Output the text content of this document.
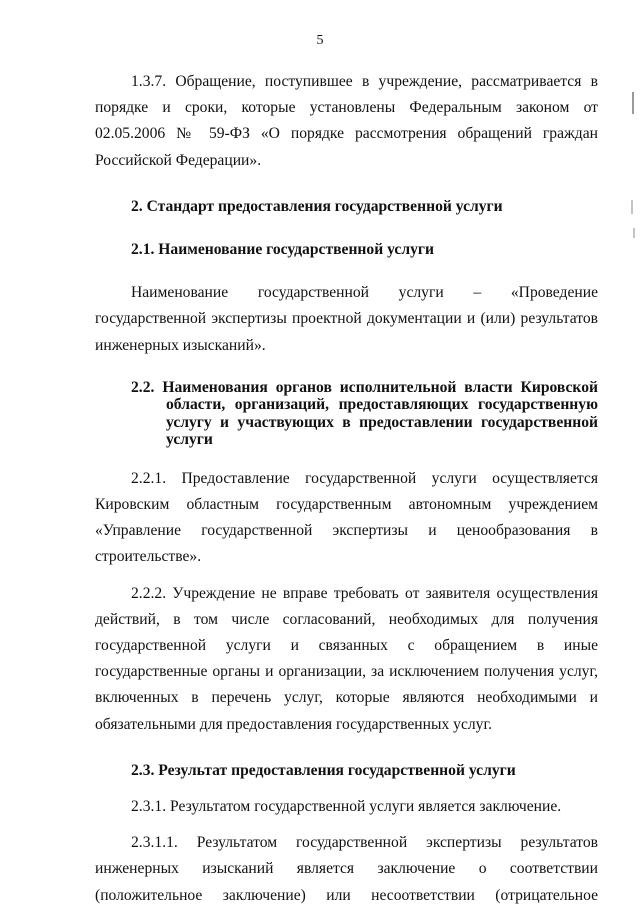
5

1.3.7. Обращение, поступившее в учреждение, рассматривается в порядке и сроки, которые установлены Федеральным законом от 02.05.2006 № 59-ФЗ «О порядке рассмотрения обращений граждан Российской Федерации».

2. Стандарт предоставления государственной услуги

2.1. Наименование государственной услуги

Наименование государственной услуги – «Проведение государственной экспертизы проектной документации и (или) результатов инженерных изысканий».

2.2. Наименования органов исполнительной власти Кировской области, организаций, предоставляющих государственную услугу и участвующих в предоставлении государственной услуги

2.2.1. Предоставление государственной услуги осуществляется Кировским областным государственным автономным учреждением «Управление государственной экспертизы и ценообразования в строительстве».

2.2.2. Учреждение не вправе требовать от заявителя осуществления действий, в том числе согласований, необходимых для получения государственной услуги и связанных с обращением в иные государственные органы и организации, за исключением получения услуг, включенных в перечень услуг, которые являются необходимыми и обязательными для предоставления государственных услуг.

2.3. Результат предоставления государственной услуги

2.3.1. Результатом государственной услуги является заключение.

2.3.1.1. Результатом государственной экспертизы результатов инженерных изысканий является заключение о соответствии (положительное заключение) или несоответствии (отрицательное
